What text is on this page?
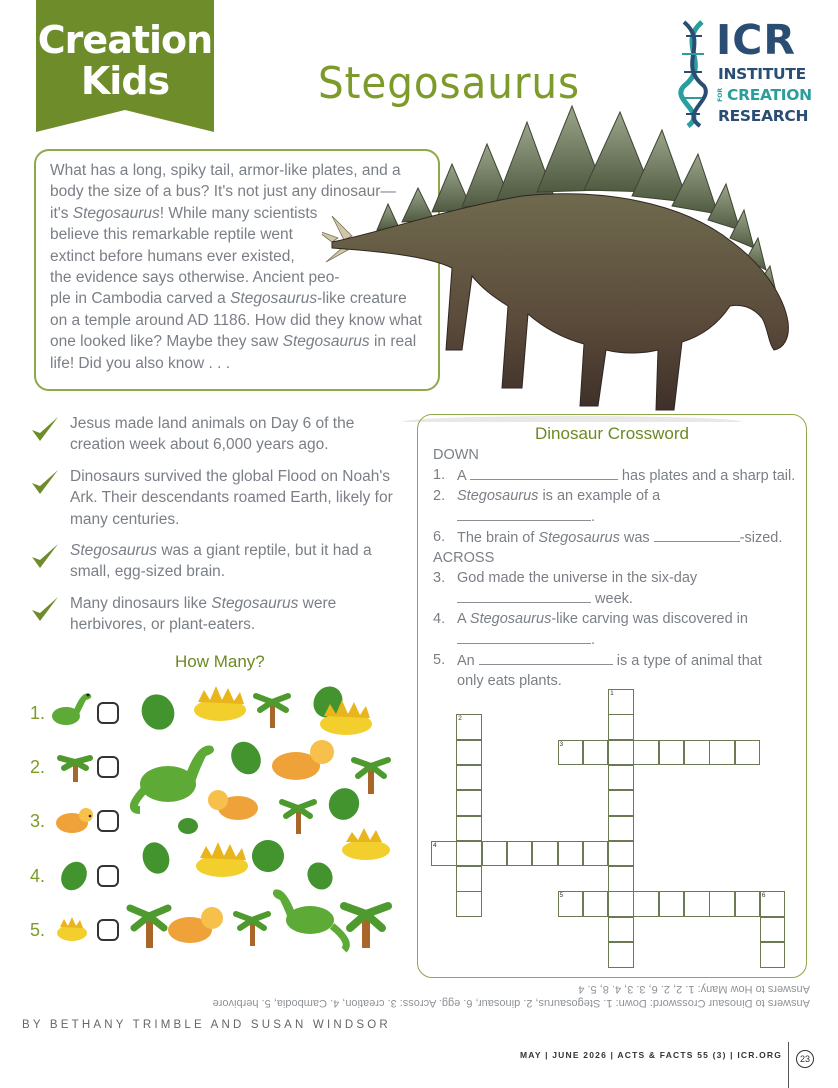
Creation Kids	Stegosaurus
ICR
INSTITUTE
FOR CREATION
RESEARCH
What has a long, spiky tail, armor-like plates, and a
body the size of a bus? It's not just any dinosaur—
it's Stegosaurus! While many scientists
believe this remarkable reptile went
extinct before humans ever existed,
the evidence says otherwise. Ancient peo-
ple in Cambodia carved a Stegosaurus-like creature
on a temple around AD 1186. How did they know what
one looked like? Maybe they saw Stegosaurus in real
life! Did you also know . . .
Jesus made land animals on Day 6 of the creation week about 6,000 years ago.
Dinosaurs survived the global Flood on Noah's Ark. Their descendants roamed Earth, likely for many centuries.
Stegosaurus was a giant reptile, but it had a small, egg-sized brain.
Many dinosaurs like Stegosaurus were herbivores, or plant-eaters.
How Many?
1.
2.
3.
4.
5.
Dinosaur Crossword
DOWN
1. A	has plates and a sharp tail.
2. Stegosaurus is an example of a
.
6. The brain of Stegosaurus was	-sized.
ACROSS
3. God made the universe in the six-day
week.
4. A Stegosaurus-like carving was discovered in
.
5. An	is a type of animal that
only eats plants.
1
2
3
4
5	6
Answers to Dinosaur Crossword: Down: 1. Stegosaurus, 2. dinosaur, 6. egg. Across: 3. creation, 4. Cambodia, 5. herbivore
Answers to How Many: 1. 2, 2. 6, 3. 3, 4. 8, 5. 4
BY BETHANY TRIMBLE AND SUSAN WINDSOR
MAY | JUNE 2026 | ACTS & FACTS 55 (3) | ICR.ORG	23
